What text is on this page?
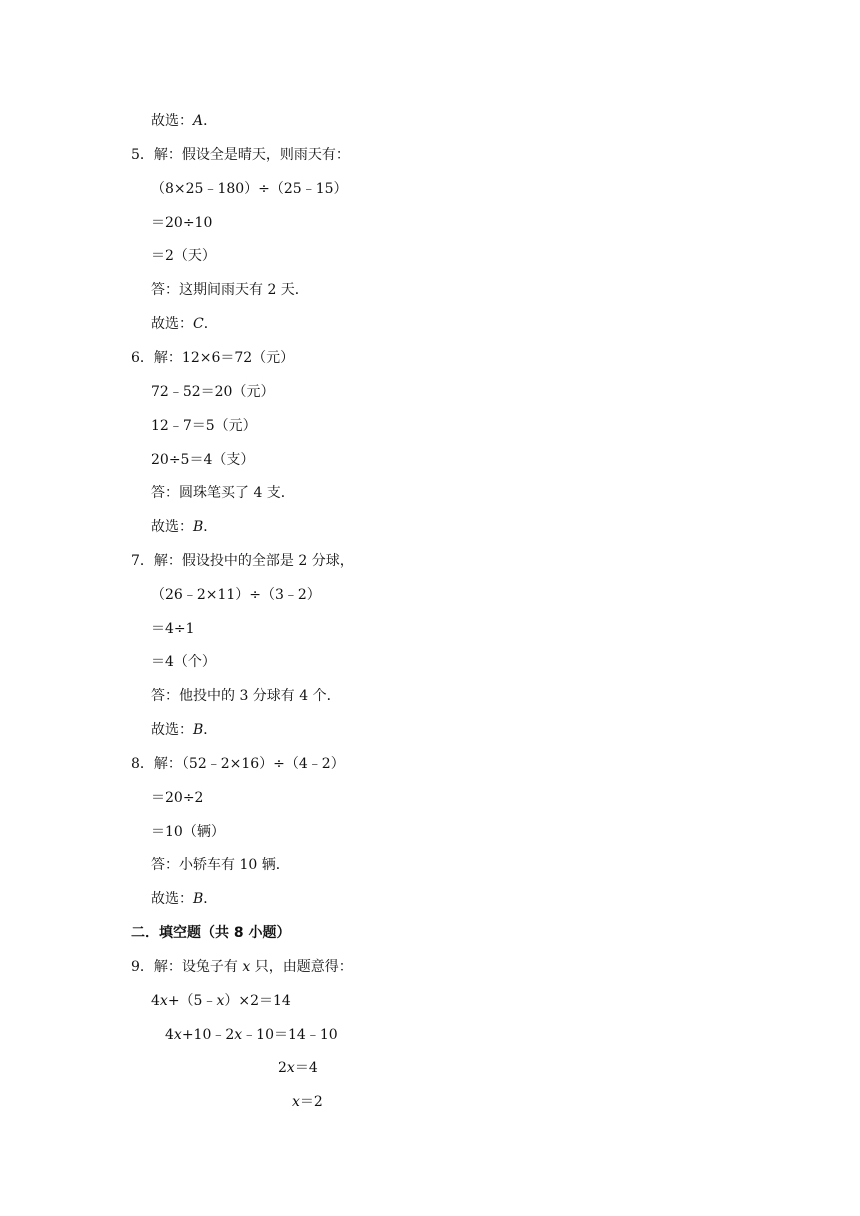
故选：A．
5．解：假设全是晴天，则雨天有：
（8×25﹣180）÷（25﹣15）
＝20÷10
＝2（天）
答：这期间雨天有 2 天．
故选：C．
6．解：12×6＝72（元）
72﹣52＝20（元）
12﹣7＝5（元）
20÷5＝4（支）
答：圆珠笔买了 4 支．
故选：B．
7．解：假设投中的全部是 2 分球，
（26﹣2×11）÷（3﹣2）
＝4÷1
＝4（个）
答：他投中的 3 分球有 4 个．
故选：B．
8．解：（52﹣2×16）÷（4﹣2）
＝20÷2
＝10（辆）
答：小轿车有 10 辆．
故选：B．
二．填空题（共 8 小题）
9．解：设兔子有 x 只，由题意得：
4x+（5﹣x）×2＝14
4x+10﹣2x﹣10＝14﹣10
2x＝4
x＝2
